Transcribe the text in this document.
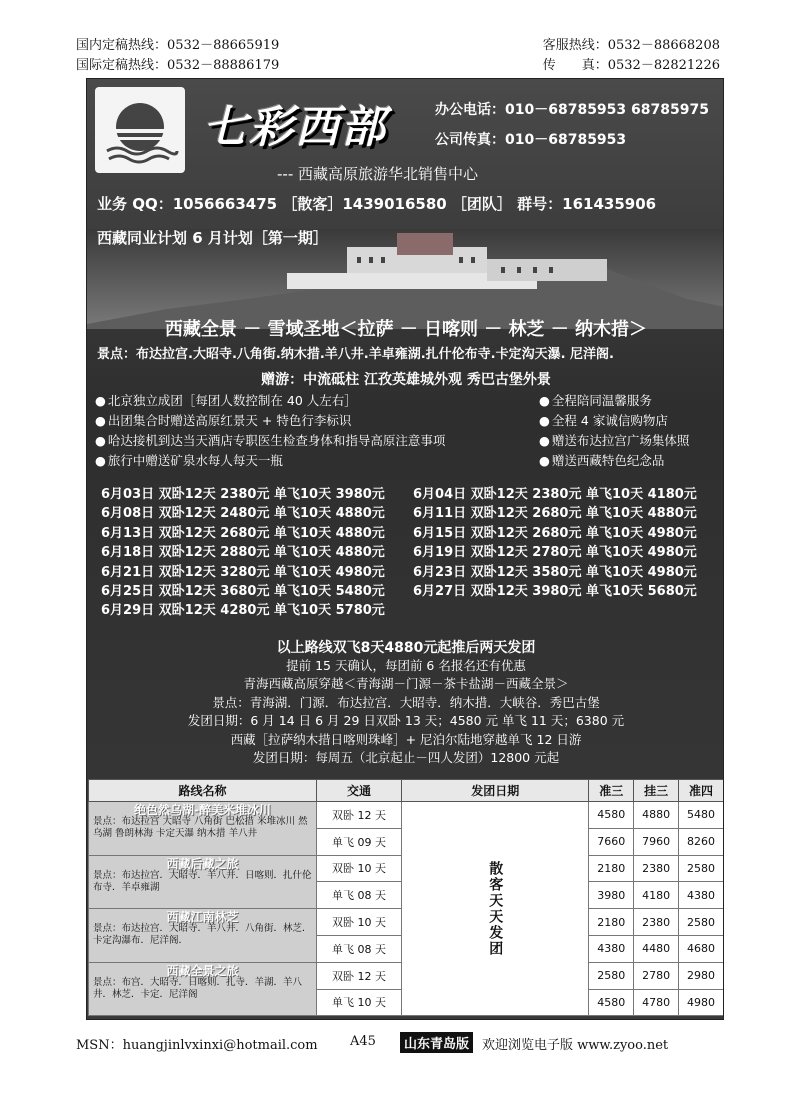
国内定稿热线：0532－88665919
国际定稿热线：0532－88886179
客服热线：0532－88668208
传　　真：0532－82821226
七彩西部	办公电话：010－68785953 68785975
公司传真：010－68785953
--- 西藏高原旅游华北销售中心
业务 QQ：1056663475 ［散客］1439016580 ［团队］ 群号：161435906
西藏同业计划 6 月计划［第一期］
西藏全景 － 雪域圣地＜拉萨 － 日喀则 － 林芝 － 纳木措＞
景点：布达拉宫.大昭寺.八角街.纳木措.羊八井.羊卓雍湖.扎什伦布寺.卡定沟天瀑. 尼洋阁.
赠游：中流砥柱 江孜英雄城外观 秀巴古堡外景
● 北京独立成团［每团人数控制在 40 人左右］
● 出团集合时赠送高原红景天 + 特色行李标识
● 哈达接机到达当天酒店专职医生检查身体和指导高原注意事项
● 旅行中赠送矿泉水每人每天一瓶
● 全程陪同温馨服务
● 全程 4 家诚信购物店
● 赠送布达拉宫广场集体照
● 赠送西藏特色纪念品
6月03日 双卧12天 2380元 单飞10天 3980元 6月04日 双卧12天 2380元 单飞10天 4180元
6月08日 双卧12天 2480元 单飞10天 4880元 6月11日 双卧12天 2680元 单飞10天 4880元
6月13日 双卧12天 2680元 单飞10天 4880元 6月15日 双卧12天 2680元 单飞10天 4980元
6月18日 双卧12天 2880元 单飞10天 4880元 6月19日 双卧12天 2780元 单飞10天 4980元
6月21日 双卧12天 3280元 单飞10天 4980元 6月23日 双卧12天 3580元 单飞10天 4980元
6月25日 双卧12天 3680元 单飞10天 5480元 6月27日 双卧12天 3980元 单飞10天 5680元
6月29日 双卧12天 4280元 单飞10天 5780元
以上路线双飞8天4880元起推后两天发团
提前 15 天确认，每团前 6 名报名还有优惠
青海西藏高原穿越＜青海湖－门源－茶卡盐湖－西藏全景＞
景点：青海湖．门源．布达拉宫．大昭寺．纳木措．大峡谷．秀巴古堡
发团日期：6 月 14 日 6 月 29 日双卧 13 天；4580 元 单飞 11 天；6380 元
西藏［拉萨纳木措日喀则珠峰］+ 尼泊尔陆地穿越单飞 12 日游
发团日期：每周五（北京起止－四人发团）12800 元起
路线名称	交通	发团日期	准三	挂三	准四

绝色然乌湖-醉美米堆冰川
景点：布达拉宫 大昭寺 八角街 巴松措 米堆冰川 然乌湖 鲁朗林海 卡定天瀑 纳木措 羊八井	双卧 12 天	散客天天发团	4580	4880	5480
	单飞 09 天		7660	7960	8260

西藏后藏之旅
景点：布达拉宫．大昭寺．羊八井．日喀则．扎什伦布寺．羊卓雍湖	双卧 10 天		2180	2380	2580
	单飞 08 天		3980	4180	4380

西藏江南林芝
景点：布达拉宫．大昭寺．羊八井．八角街．林芝．卡定沟瀑布．尼洋阁．	双卧 10 天		2180	2380	2580
	单飞 08 天		4380	4480	4680

西藏全景之旅
景点：布宫．大昭寺．日喀则．扎寺．羊湖．羊八井．林芝．卡定．尼洋阁	双卧 12 天		2580	2780	2980
	单飞 10 天		4580	4780	4980
MSN：huangjinlvxinxi@hotmail.com A45	山东青岛版 欢迎浏览电子版 www.zyoo.net
